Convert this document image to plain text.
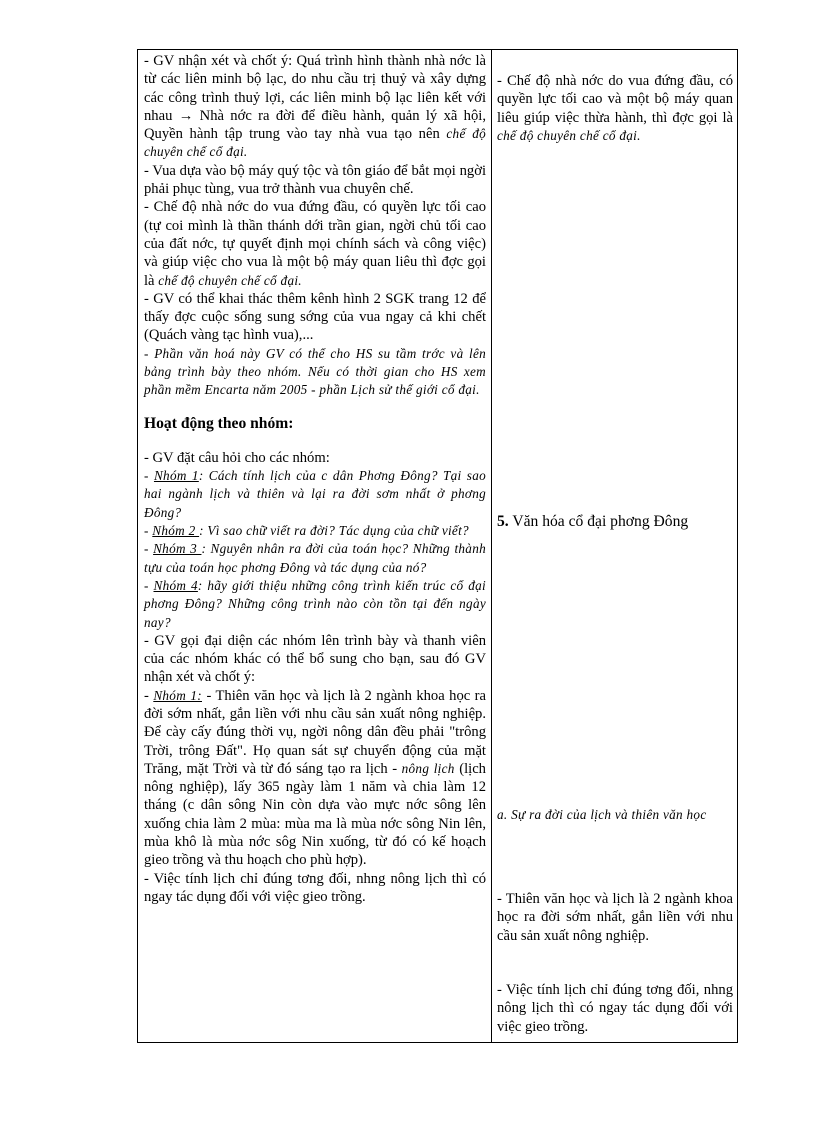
- GV nhận xét và chốt ý: Quá trình hình thành nhà nớc là từ các liên minh bộ lạc, do nhu cầu trị thuỷ và xây dựng các công trình thuỷ lợi, các liên minh bộ lạc liên kết với nhau → Nhà nớc ra đời để điều hành, quản lý xã hội, Quyền hành tập trung vào tay nhà vua tạo nên chế độ chuyên chế cổ đại.

- Vua dựa vào bộ máy quý tộc và tôn giáo để bắt mọi ngời phải phục tùng, vua trở thành vua chuyên chế.

- Chế độ nhà nớc do vua đứng đầu, có quyền lực tối cao (tự coi mình là thần thánh dới trần gian, ngời chủ tối cao của đất nớc, tự quyết định mọi chính sách và công việc) và giúp việc cho vua là một bộ máy quan liêu thì đợc gọi là chế độ chuyên chế cổ đại.

- GV có thể khai thác thêm kênh hình 2 SGK trang 12 để thấy đợc cuộc sống sung sớng của vua ngay cả khi chết (Quách vàng tạc hình vua),...

- Phần văn hoá này GV có thể cho HS su tầm trớc và lên bảng trình bày theo nhóm. Nếu có thời gian cho HS xem phần mềm Encarta năm 2005 - phần Lịch sử thế giới cổ đại.

Hoạt động theo nhóm:

- GV đặt câu hỏi cho các nhóm:

- Nhóm 1: Cách tính lịch của c dân Phơng Đông? Tại sao hai ngành lịch và thiên và lại ra đời sơm nhất ở phơng Đông?

- Nhóm 2 : Vì sao chữ viết ra đời? Tác dụng của chữ viết?

- Nhóm 3 : Nguyên nhân ra đời của toán học? Những thành tựu của toán học phơng Đông và tác dụng của nó?

- Nhóm 4: hãy giới thiệu những công trình kiến trúc cổ đại phơng Đông? Những công trình nào còn tồn tại đến ngày nay?

- GV gọi đại diện các nhóm lên trình bày và thanh viên của các nhóm khác có thể bổ sung cho bạn, sau đó GV nhận xét và chốt ý:

- Nhóm 1: - Thiên văn học và lịch là 2 ngành khoa học ra đời sớm nhất, gắn liền với nhu cầu sản xuất nông nghiệp. Để cày cấy đúng thời vụ, ngời nông dân đều phải "trông Trời, trông Đất". Họ quan sát sự chuyển động của mặt Trăng, mặt Trời và từ đó sáng tạo ra lịch - nông lịch (lịch nông nghiệp), lấy 365 ngày làm 1 năm và chia làm 12 tháng (c dân sông Nin còn dựa vào mực nớc sông lên xuống chia làm 2 mùa: mùa ma là mùa nớc sông Nin lên, mùa khô là mùa nớc sôg Nin xuống, từ đó có kế hoạch gieo trồng và thu hoạch cho phù hợp).

- Việc tính lịch chỉ đúng tơng đối, nhng nông lịch thì có ngay tác dụng đối với việc gieo trồng.

- Chế độ nhà nớc do vua đứng đầu, có quyền lực tối cao và một bộ máy quan liêu giúp việc thừa hành, thì đợc gọi là chế độ chuyên chế cổ đại.
5. Văn hóa cổ đại phơng Đông
a. Sự ra đời của lịch và thiên văn học
- Thiên văn học và lịch là 2 ngành khoa học ra đời sớm nhất, gắn liền với nhu cầu sản xuất nông nghiệp.
- Việc tính lịch chỉ đúng tơng đối, nhng nông lịch thì có ngay tác dụng đối với việc gieo trồng.
